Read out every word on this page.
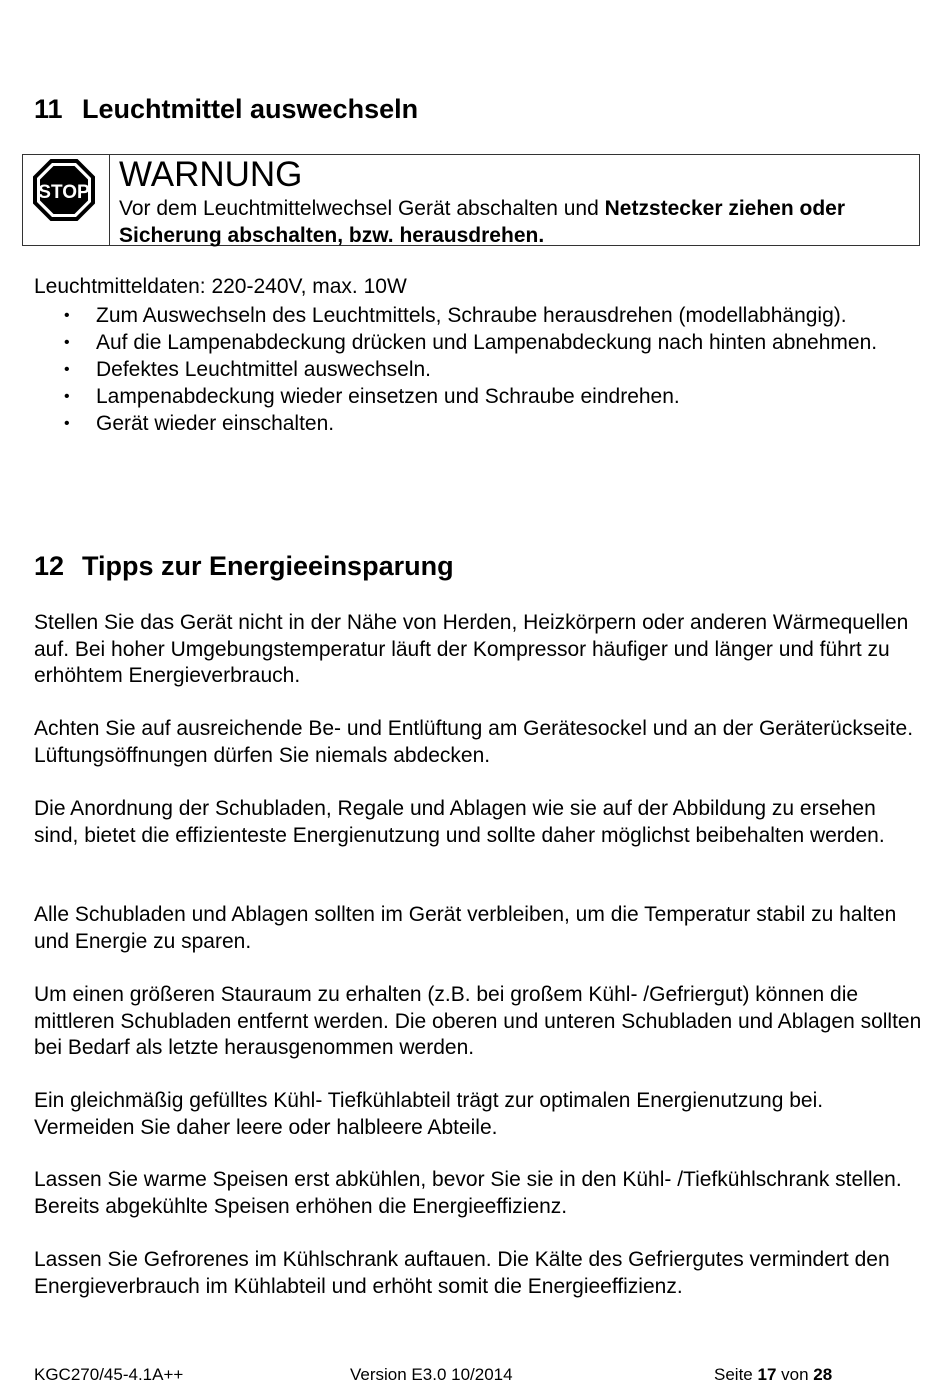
11 Leuchtmittel auswechseln
STOP WARNUNG

Vor dem Leuchtmittelwechsel Gerät abschalten und Netzstecker ziehen oder Sicherung abschalten, bzw. herausdrehen.

Leuchtmitteldaten: 220-240V, max. 10W

• Zum Auswechseln des Leuchtmittels, Schraube herausdrehen (modellabhängig).
• Auf die Lampenabdeckung drücken und Lampenabdeckung nach hinten abnehmen.
• Defektes Leuchtmittel auswechseln.
• Lampenabdeckung wieder einsetzen und Schraube eindrehen.
• Gerät wieder einschalten.
12 Tipps zur Energieeinsparung

Stellen Sie das Gerät nicht in der Nähe von Herden, Heizkörpern oder anderen Wärmequellen auf. Bei hoher Umgebungstemperatur läuft der Kompressor häufiger und länger und führt zu erhöhtem Energieverbrauch.

Achten Sie auf ausreichende Be- und Entlüftung am Gerätesockel und an der Geräterückseite. Lüftungsöffnungen dürfen Sie niemals abdecken.

Die Anordnung der Schubladen, Regale und Ablagen wie sie auf der Abbildung zu ersehen sind, bietet die effizienteste Energienutzung und sollte daher möglichst beibehalten werden.

Alle Schubladen und Ablagen sollten im Gerät verbleiben, um die Temperatur stabil zu halten und Energie zu sparen.

Um einen größeren Stauraum zu erhalten (z.B. bei großem Kühl- /Gefriergut) können die mittleren Schubladen entfernt werden. Die oberen und unteren Schubladen und Ablagen sollten bei Bedarf als letzte herausgenommen werden.

Ein gleichmäßig gefülltes Kühl- Tiefkühlabteil trägt zur optimalen Energienutzung bei. Vermeiden Sie daher leere oder halbleere Abteile.

Lassen Sie warme Speisen erst abkühlen, bevor Sie sie in den Kühl- /Tiefkühlschrank stellen. Bereits abgekühlte Speisen erhöhen die Energieeffizienz.

Lassen Sie Gefrorenes im Kühlschrank auftauen. Die Kälte des Gefriergutes vermindert den Energieverbrauch im Kühlabteil und erhöht somit die Energieeffizienz.

KGC270/45-4.1A++	Version E3.0 10/2014	Seite 17 von 28
